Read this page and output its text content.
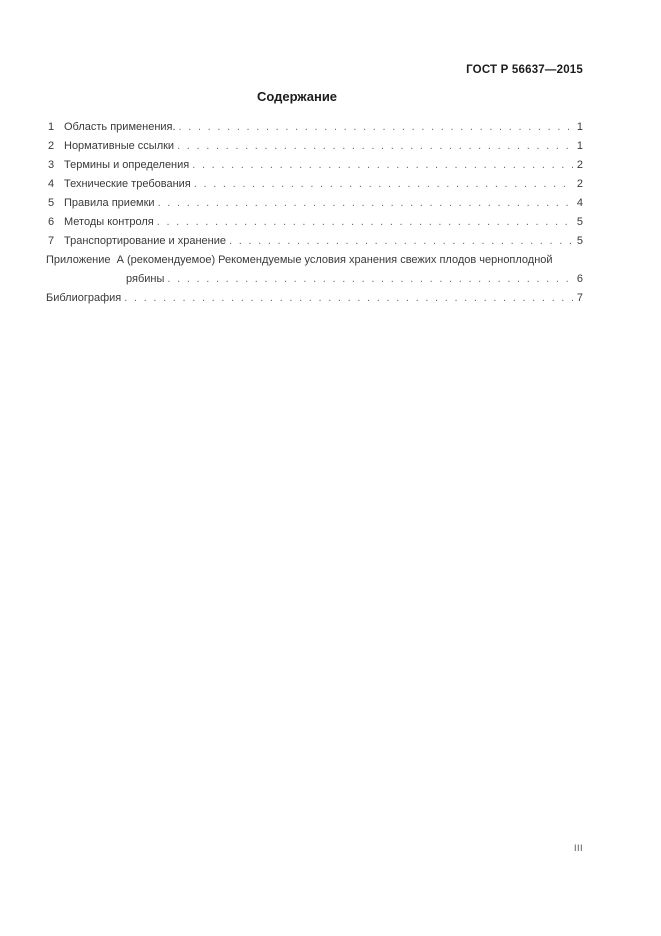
ГОСТ Р 56637—2015
Содержание
1 Область применения. . . .	1
2 Нормативные ссылки . . .	1
3 Термины и определения . . .	2
4 Технические требования . . .	2
5 Правила приемки . . .	4
6 Методы контроля . . .	5
7 Транспортирование и хранение . . .	5
Приложение  А (рекомендуемое) Рекомендуемые условия хранения свежих плодов черноплодной
рябины . . .	6
Библиография . . .	7
III
